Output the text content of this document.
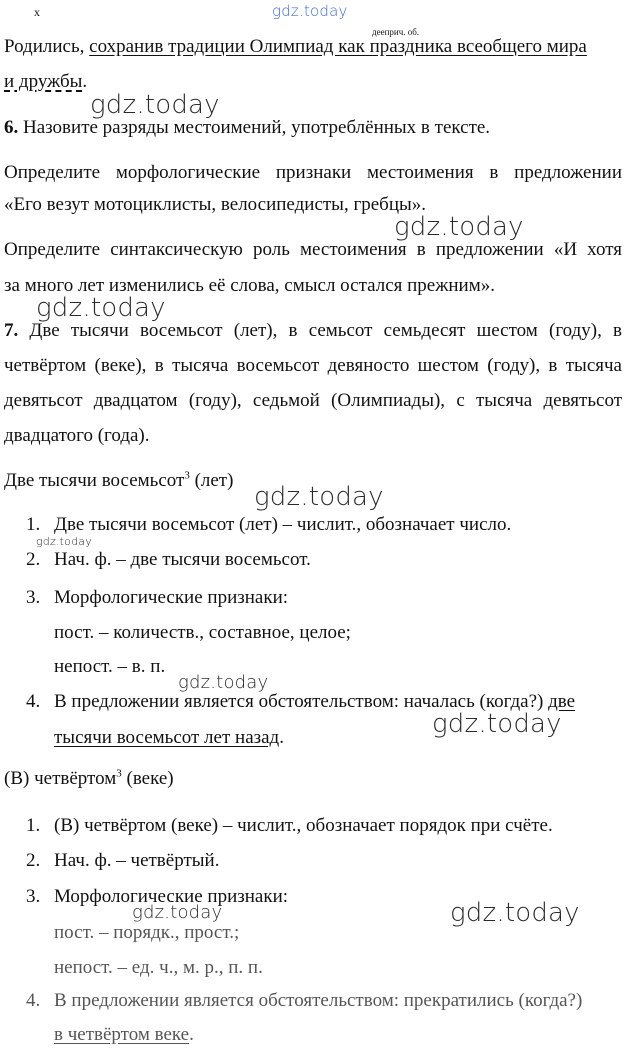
х	gdz.today
дееприч. об.
Родились, сохранив традиции Олимпиад как праздника всеобщего мира
и дружбы.
gdz.today
6. Назовите разряды местоимений, употреблённых в тексте.
Определите морфологические признаки местоимения в предложении
«Его везут мотоциклисты, велосипедисты, гребцы».
gdz.today
Определите синтаксическую роль местоимения в предложении «И хотя
за много лет изменились её слова, смысл остался прежним».
gdz.today
7. Две тысячи восемьсот (лет), в семьсот семьдесят шестом (году), в
четвёртом (веке), в тысяча восемьсот девяносто шестом (году), в тысяча
девятьсот двадцатом (году), седьмой (Олимпиады), с тысяча девятьсот
двадцатого (года).
Две тысячи восемьсот$^3$ (лет)
gdz.today
1. Две тысячи восемьсот (лет) – числит., обозначает число.
gdz.today
2. Нач. ф. – две тысячи восемьсот.
3. Морфологические признаки:
пост. – количеств., составное, целое;
непост. – в. п.
gdz.today
4. В предложении является обстоятельством: началась (когда?) две
gdz.today
тысячи восемьсот лет назад.
(В) четвёртом$^3$ (веке)
1. (В) четвёртом (веке) – числит., обозначает порядок при счёте.
2. Нач. ф. – четвёртый.
3. Морфологические признаки:
gdz.today	gdz.today
пост. – порядк., прост.;
непост. – ед. ч., м. р., п. п.
4. В предложении является обстоятельством: прекратились (когда?)
в четвёртом веке.
